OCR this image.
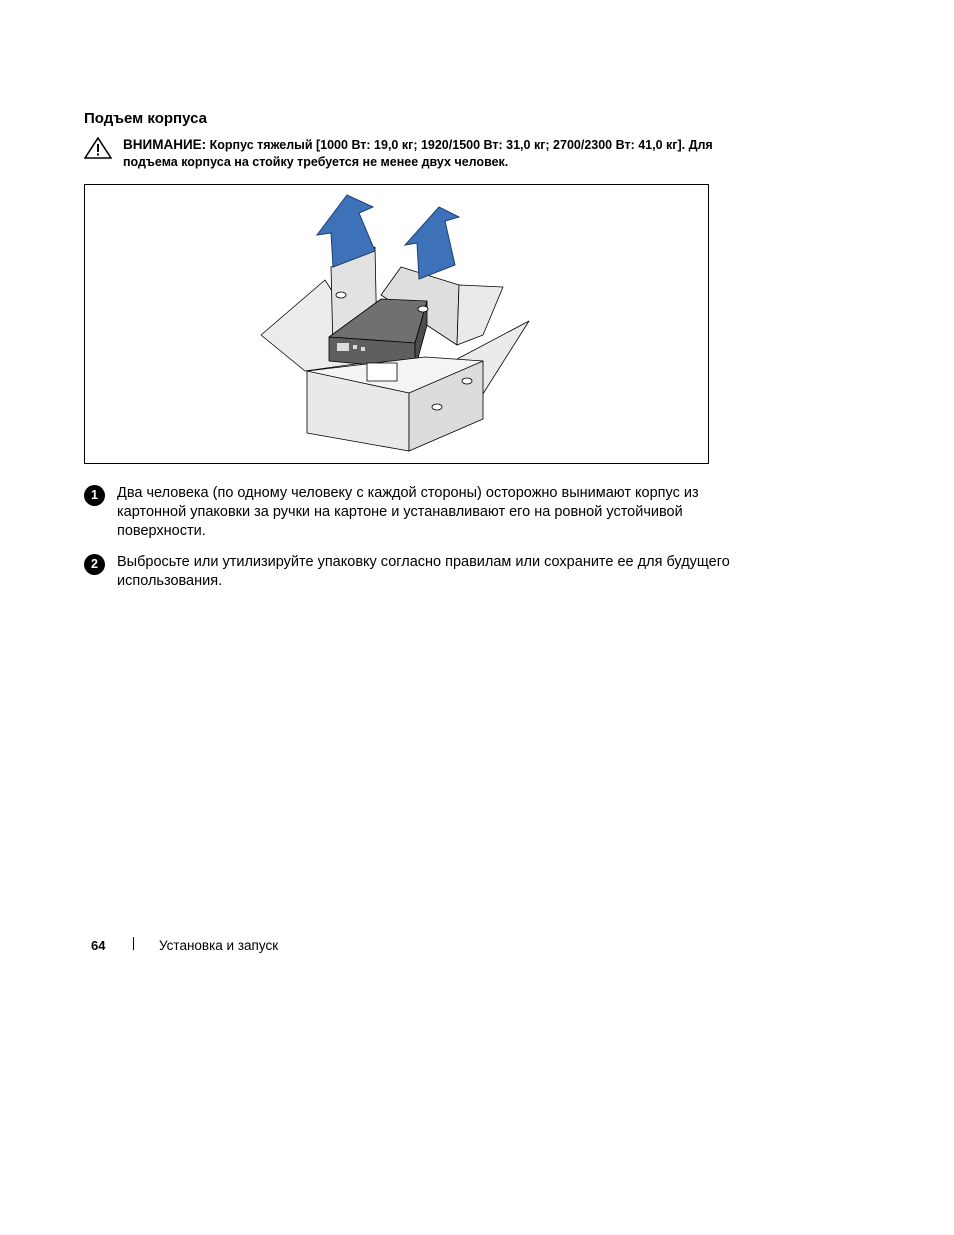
Подъем корпуса
ВНИМАНИЕ: Корпус тяжелый [1000 Вт: 19,0 кг; 1920/1500 Вт: 31,0 кг; 2700/2300 Вт: 41,0 кг]. Для подъема корпуса на стойку требуется не менее двух человек.
1	Два человека (по одному человеку с каждой стороны) осторожно вынимают корпус из картонной упаковки за ручки на картоне и устанавливают его на ровной устойчивой поверхности.
2	Выбросьте или утилизируйте упаковку согласно правилам или сохраните ее для будущего использования.
64	Установка и запуск
